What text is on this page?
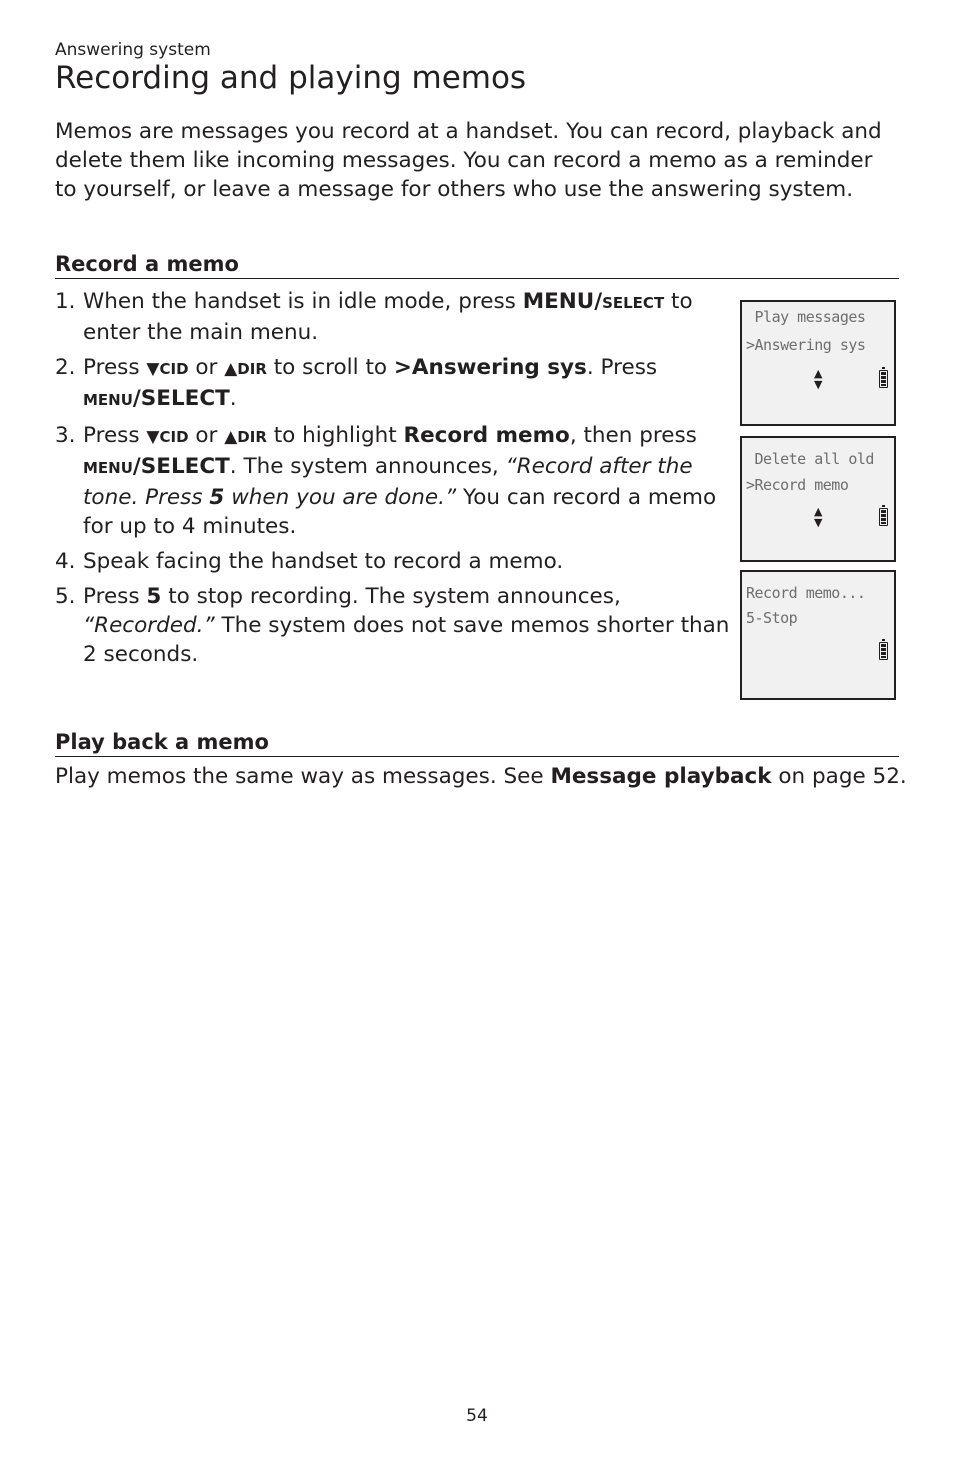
Answering system
Recording and playing memos

Memos are messages you record at a handset. You can record, playback and delete them like incoming messages. You can record a memo as a reminder to yourself, or leave a message for others who use the answering system.

Record a memo
1. When the handset is in idle mode, press MENU/SELECT to enter the main menu.
2. Press ▼CID or ▲DIR to scroll to >Answering sys. Press MENU/SELECT.
3. Press ▼CID or ▲DIR to highlight Record memo, then press MENU/SELECT. The system announces, “Record after the tone. Press 5 when you are done.” You can record a memo for up to 4 minutes.
4. Speak facing the handset to record a memo.
5. Press 5 to stop recording. The system announces, “Recorded.” The system does not save memos shorter than 2 seconds.
Play messages
>Answering sys
▲
▼
Delete all old
>Record memo
▲
▼
Record memo...
5-Stop
Play back a memo

Play memos the same way as messages. See Message playback on page 52.

54
